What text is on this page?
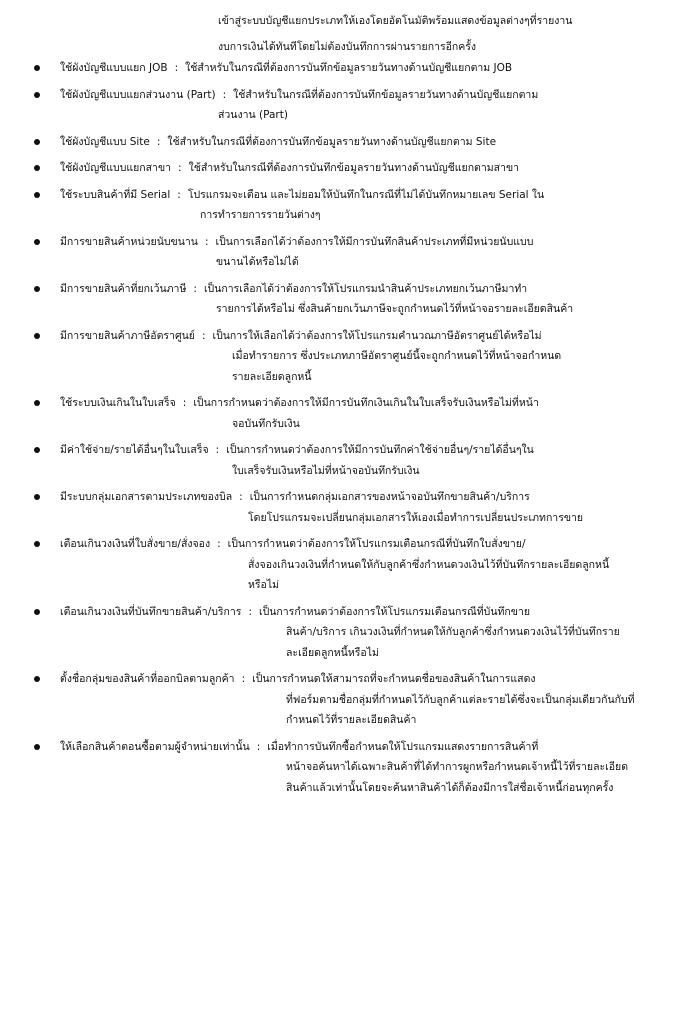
เข้าสู่ระบบบัญชีแยกประเภทให้เองโดยอัตโนมัติพร้อมแสดงข้อมูลต่างๆที่รายงาน
งบการเงินได้ทันทีโดยไม่ต้องบันทึกการผ่านรายการอีกครั้ง
ใช้ผังบัญชีแบบแยก JOB : ใช้สำหรับในกรณีที่ต้องการบันทึกข้อมูลรายวันทางด้านบัญชีแยกตาม JOB
ใช้ผังบัญชีแบบแยกส่วนงาน (Part) : ใช้สำหรับในกรณีที่ต้องการบันทึกข้อมูลรายวันทางด้านบัญชีแยกตาม
ส่วนงาน (Part)
ใช้ผังบัญชีแบบ Site : ใช้สำหรับในกรณีที่ต้องการบันทึกข้อมูลรายวันทางด้านบัญชีแยกตาม Site
ใช้ผังบัญชีแบบแยกสาขา : ใช้สำหรับในกรณีที่ต้องการบันทึกข้อมูลรายวันทางด้านบัญชีแยกตามสาขา
ใช้ระบบสินค้าที่มี Serial : โปรแกรมจะเตือน และไม่ยอมให้บันทึกในกรณีที่ไม่ได้บันทึกหมายเลข Serial ใน
การทำรายการรายวันต่างๆ
มีการขายสินค้าหน่วยนับขนาน : เป็นการเลือกได้ว่าต้องการให้มีการบันทึกสินค้าประเภทที่มีหน่วยนับแบบ
ขนานได้หรือไม่ได้
มีการขายสินค้าที่ยกเว้นภาษี : เป็นการเลือกได้ว่าต้องการให้โปรแกรมนำสินค้าประเภทยกเว้นภาษีมาทำ
รายการได้หรือไม่ ซึ่งสินค้ายกเว้นภาษีจะถูกกำหนดไว้ที่หน้าจอรายละเอียดสินค้า
มีการขายสินค้าภาษีอัตราศูนย์ : เป็นการให้เลือกได้ว่าต้องการให้โปรแกรมคำนวณภาษีอัตราศูนย์ได้หรือไม่
เมื่อทำรายการ ซึ่งประเภทภาษีอัตราศูนย์นี้จะถูกกำหนดไว้ที่หน้าจอกำหนด
รายละเอียดลูกหนี้
ใช้ระบบเงินเกินในใบเสร็จ : เป็นการกำหนดว่าต้องการให้มีการบันทึกเงินเกินในใบเสร็จรับเงินหรือไม่ที่หน้า
จอบันทึกรับเงิน
มีค่าใช้จ่าย/รายได้อื่นๆในใบเสร็จ : เป็นการกำหนดว่าต้องการให้มีการบันทึกค่าใช้จ่ายอื่นๆ/รายได้อื่นๆใน
ใบเสร็จรับเงินหรือไม่ที่หน้าจอบันทึกรับเงิน
มีระบบกลุ่มเอกสารตามประเภทของบิล : เป็นการกำหนดกลุ่มเอกสารของหน้าจอบันทึกขายสินค้า/บริการ
โดยโปรแกรมจะเปลี่ยนกลุ่มเอกสารให้เองเมื่อทำการเปลี่ยนประเภทการขาย
เตือนเกินวงเงินที่ใบสั่งขาย/สั่งจอง : เป็นการกำหนดว่าต้องการให้โปรแกรมเตือนกรณีที่บันทึกใบสั่งขาย/
สั่งจองเกินวงเงินที่กำหนดให้กับลูกค้าซึ่งกำหนดวงเงินไว้ที่บันทึกรายละเอียดลูกหนี้
หรือไม่
เตือนเกินวงเงินที่บันทึกขายสินค้า/บริการ : เป็นการกำหนดว่าต้องการให้โปรแกรมเตือนกรณีที่บันทึกขาย
สินค้า/บริการ เกินวงเงินที่กำหนดให้กับลูกค้าซึ่งกำหนดวงเงินไว้ที่บันทึกราย
ละเอียดลูกหนี้หรือไม่
ตั้งชื่อกลุ่มของสินค้าที่ออกบิลตามลูกค้า : เป็นการกำหนดให้สามารถที่จะกำหนดชื่อของสินค้าในการแสดง
ที่ฟอร์มตามชื่อกลุ่มที่กำหนดไว้กับลูกค้าแต่ละรายได้ซึ่งจะเป็นกลุ่มเดียวกันกับที่
กำหนดไว้ที่รายละเอียดสินค้า
ให้เลือกสินค้าตอนซื้อตามผู้จำหน่ายเท่านั้น : เมื่อทำการบันทึกซื้อกำหนดให้โปรแกรมแสดงรายการสินค้าที่
หน้าจอค้นหาได้เฉพาะสินค้าที่ได้ทำการผูกหรือกำหนดเจ้าหนี้ไว้ที่รายละเอียด
สินค้าแล้วเท่านั้นโดยจะค้นหาสินค้าได้ก็ต้องมีการใส่ชื่อเจ้าหนี้ก่อนทุกครั้ง
